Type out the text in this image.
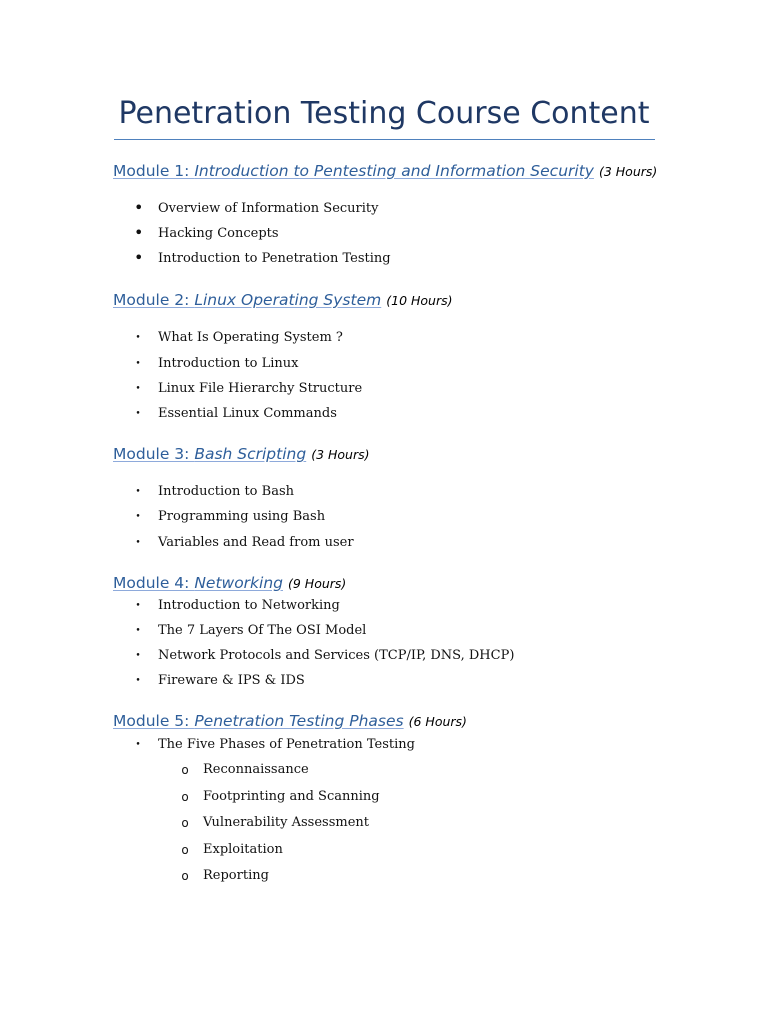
Penetration Testing Course Content
Module 1: Introduction to Pentesting and Information Security (3 Hours)
• Overview of Information Security
• Hacking Concepts
• Introduction to Penetration Testing
Module 2: Linux Operating System (10 Hours)
• What Is Operating System ?
• Introduction to Linux
• Linux File Hierarchy Structure
• Essential Linux Commands
Module 3: Bash Scripting (3 Hours)
• Introduction to Bash
• Programming using Bash
• Variables and Read from user
Module 4: Networking (9 Hours)
• Introduction to Networking
• The 7 Layers Of The OSI Model
• Network Protocols and Services (TCP/IP, DNS, DHCP)
• Fireware & IPS & IDS
Module 5: Penetration Testing Phases (6 Hours)
• The Five Phases of Penetration Testing
o Reconnaissance
o Footprinting and Scanning
o Vulnerability Assessment
o Exploitation
o Reporting
